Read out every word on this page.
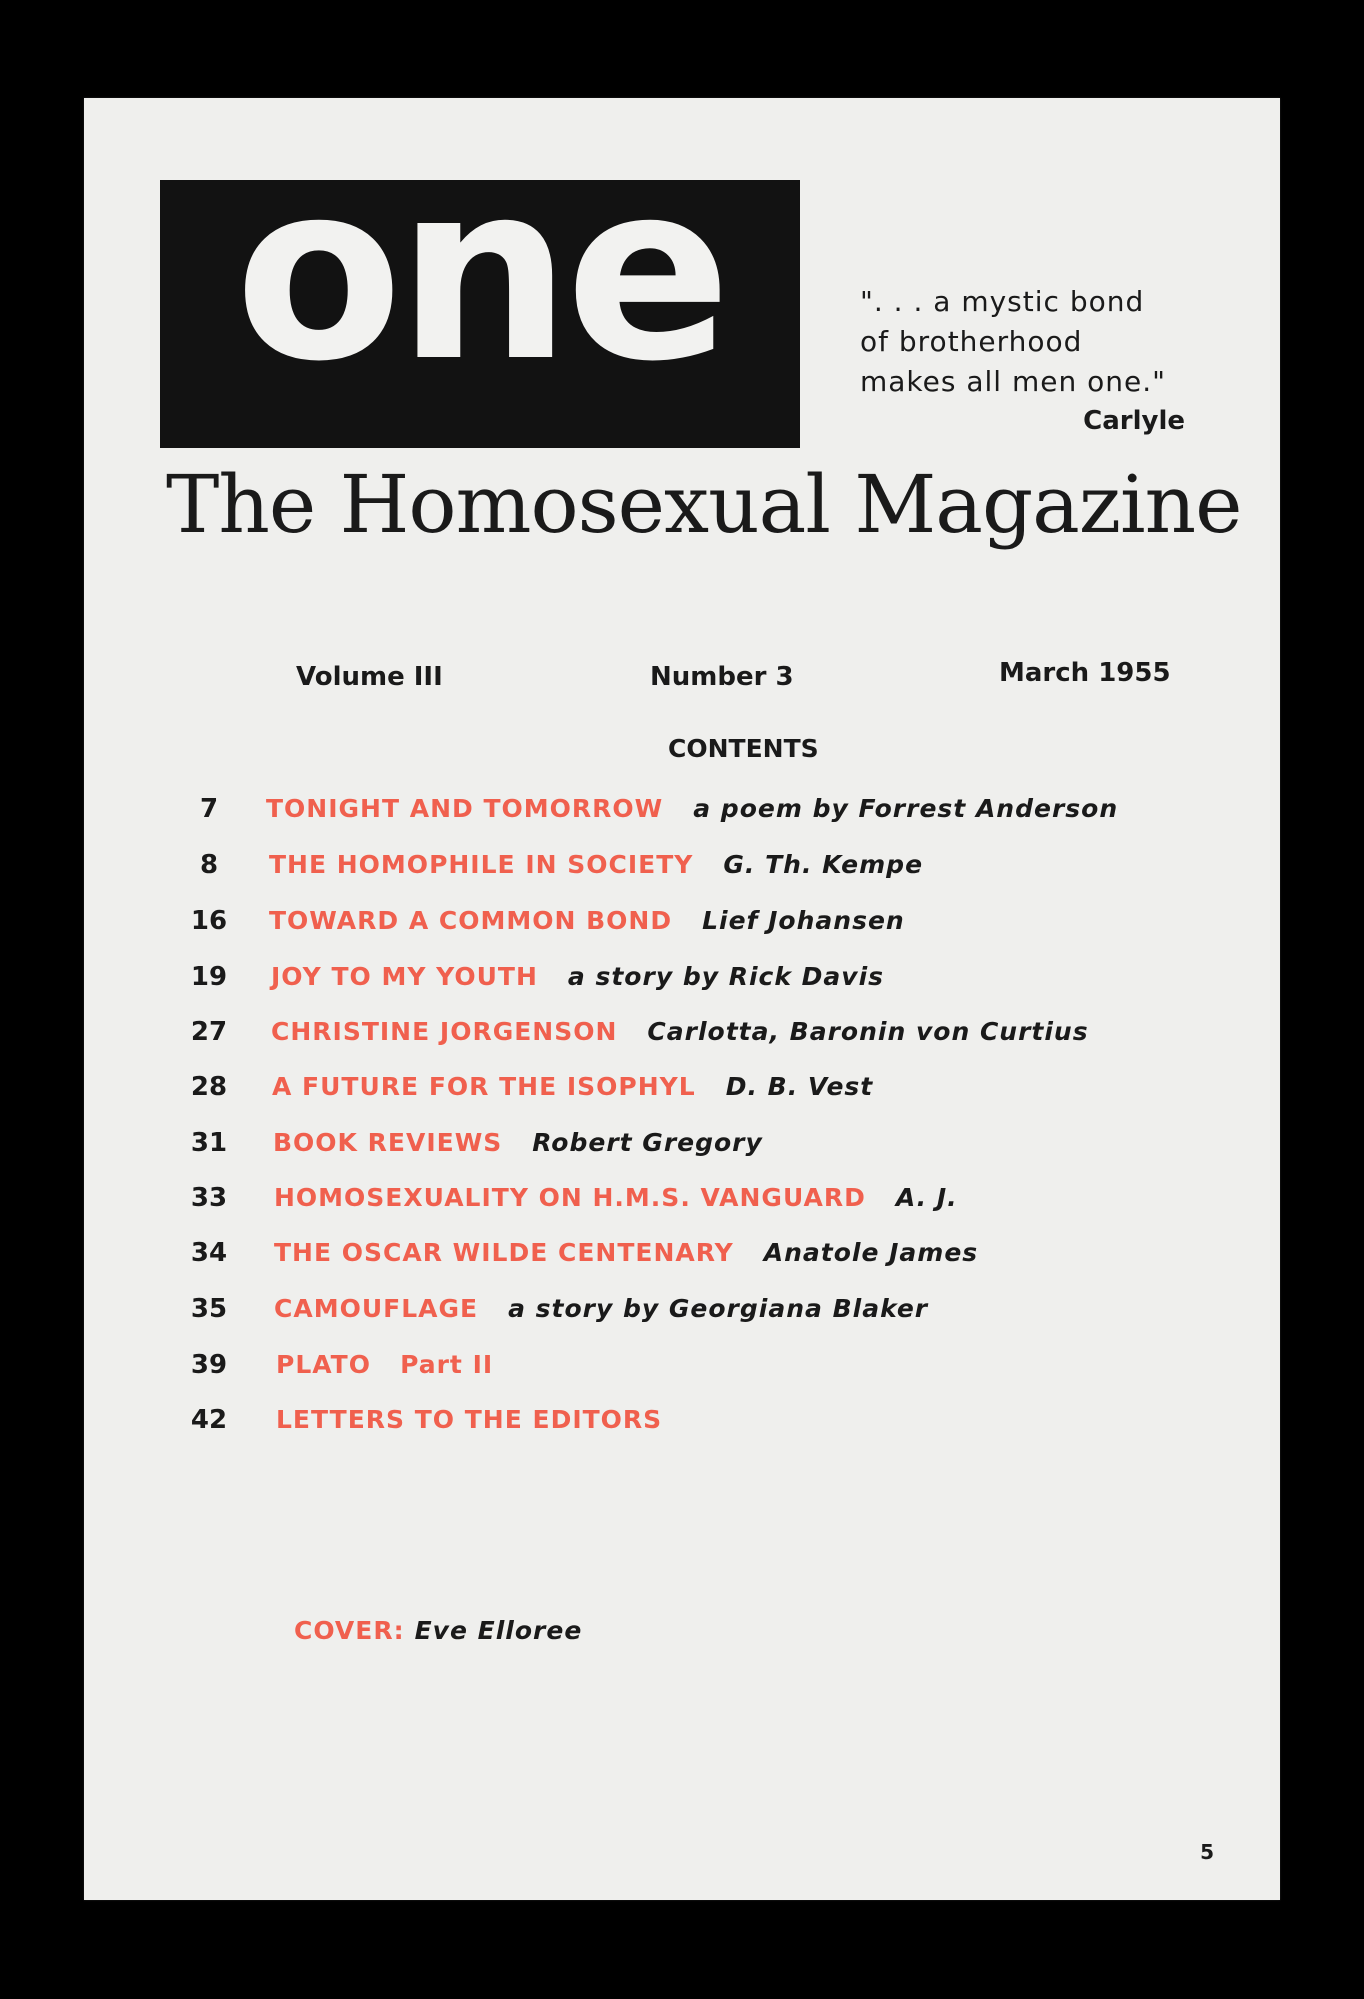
one	". . . a mystic bond
of brotherhood
makes all men one."
Carlyle
The Homosexual Magazine
Volume III	Number 3	March 1955
CONTENTS
7	TONIGHT AND TOMORROW a poem by Forrest Anderson
8	THE HOMOPHILE IN SOCIETY G. Th. Kempe
16 TOWARD A COMMON BOND Lief Johansen
19 JOY TO MY YOUTH a story by Rick Davis
27 CHRISTINE JORGENSON Carlotta, Baronin von Curtius
28 A FUTURE FOR THE ISOPHYL D. B. Vest
31 BOOK REVIEWS Robert Gregory
33 HOMOSEXUALITY ON H.M.S. VANGUARD A. J.
34 THE OSCAR WILDE CENTENARY Anatole James
35 CAMOUFLAGE a story by Georgiana Blaker
39 PLATO   Part II
42 LETTERS TO THE EDITORS
COVER: Eve Elloree
5
